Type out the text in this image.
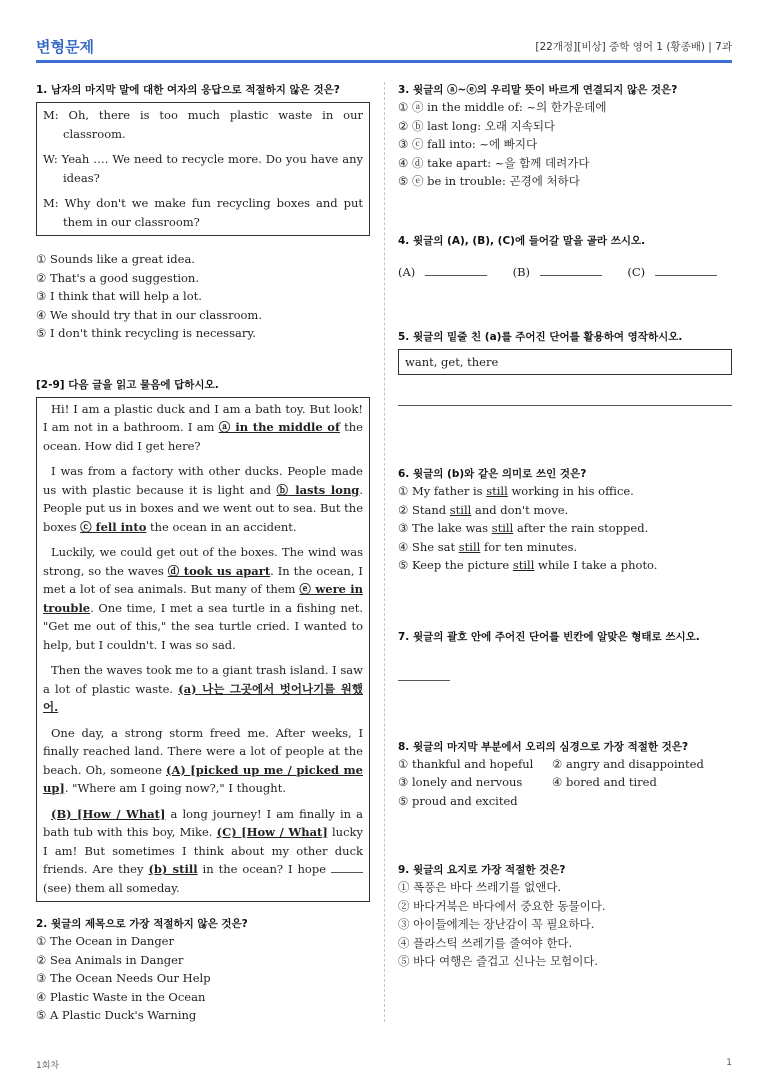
변형문제	[22개정][비상] 중학 영어 1 (황종배) | 7과
1. 남자의 마지막 말에 대한 여자의 응답으로 적절하지 않은 것은?
M: Oh, there is too much plastic waste in our classroom.
W: Yeah …. We need to recycle more. Do you have any ideas?
M: Why don't we make fun recycling boxes and put them in our classroom?
① Sounds like a great idea.
② That's a good suggestion.
③ I think that will help a lot.
④ We should try that in our classroom.
⑤ I don't think recycling is necessary.
[2-9] 다음 글을 읽고 물음에 답하시오.

Hi! I am a plastic duck and I am a bath toy. But look! I am not in a bathroom. I am ⓐ in the middle of the ocean. How did I get here?

I was from a factory with other ducks. People made us with plastic because it is light and ⓑ lasts long. People put us in boxes and we went out to sea. But the boxes ⓒ fell into the ocean in an accident.

Luckily, we could get out of the boxes. The wind was strong, so the waves ⓓ took us apart. In the ocean, I met a lot of sea animals. But many of them ⓔ were in trouble. One time, I met a sea turtle in a fishing net. "Get me out of this," the sea turtle cried. I wanted to help, but I couldn't. I was so sad.

Then the waves took me to a giant trash island. I saw a lot of plastic waste. (a) 나는 그곳에서 벗어나기를 원했어.

One day, a strong storm freed me. After weeks, I finally reached land. There were a lot of people at the beach. Oh, someone (A) [picked up me / picked me up]. "Where am I going now?," I thought.

(B) [How / What] a long journey! I am finally in a bath tub with this boy, Mike. (C) [How / What] lucky I am! But sometimes I think about my other duck friends. Are they (b) still in the ocean? I hope (see) them all someday.

2. 윗글의 제목으로 가장 적절하지 않은 것은?
① The Ocean in Danger
② Sea Animals in Danger
③ The Ocean Needs Our Help
④ Plastic Waste in the Ocean
⑤ A Plastic Duck's Warning
3. 윗글의 ⓐ~ⓔ의 우리말 뜻이 바르게 연결되지 않은 것은?
① ⓐ in the middle of: ~의 한가운데에
② ⓑ last long: 오래 지속되다
③ ⓒ fall into: ~에 빠지다
④ ⓓ take apart: ~을 함께 데려가다
⑤ ⓔ be in trouble: 곤경에 처하다
4. 윗글의 (A), (B), (C)에 들어갈 말을 골라 쓰시오.
(A)	(B)	(C)
5. 윗글의 밑줄 친 (a)를 주어진 단어를 활용하여 영작하시오.
want, get, there
6. 윗글의 (b)와 같은 의미로 쓰인 것은?
① My father is still working in his office.
② Stand still and don't move.
③ The lake was still after the rain stopped.
④ She sat still for ten minutes.
⑤ Keep the picture still while I take a photo.
7. 윗글의 괄호 안에 주어진 단어를 빈칸에 알맞은 형태로 쓰시오.
8. 윗글의 마지막 부분에서 오리의 심경으로 가장 적절한 것은?
① thankful and hopeful	② angry and disappointed
③ lonely and nervous	④ bored and tired
⑤ proud and excited
9. 윗글의 요지로 가장 적절한 것은?
① 폭풍은 바다 쓰레기를 없앤다.
② 바다거북은 바다에서 중요한 동물이다.
③ 아이들에게는 장난감이 꼭 필요하다.
④ 플라스틱 쓰레기를 줄여야 한다.
⑤ 바다 여행은 즐겁고 신나는 모험이다.
1회차	1
